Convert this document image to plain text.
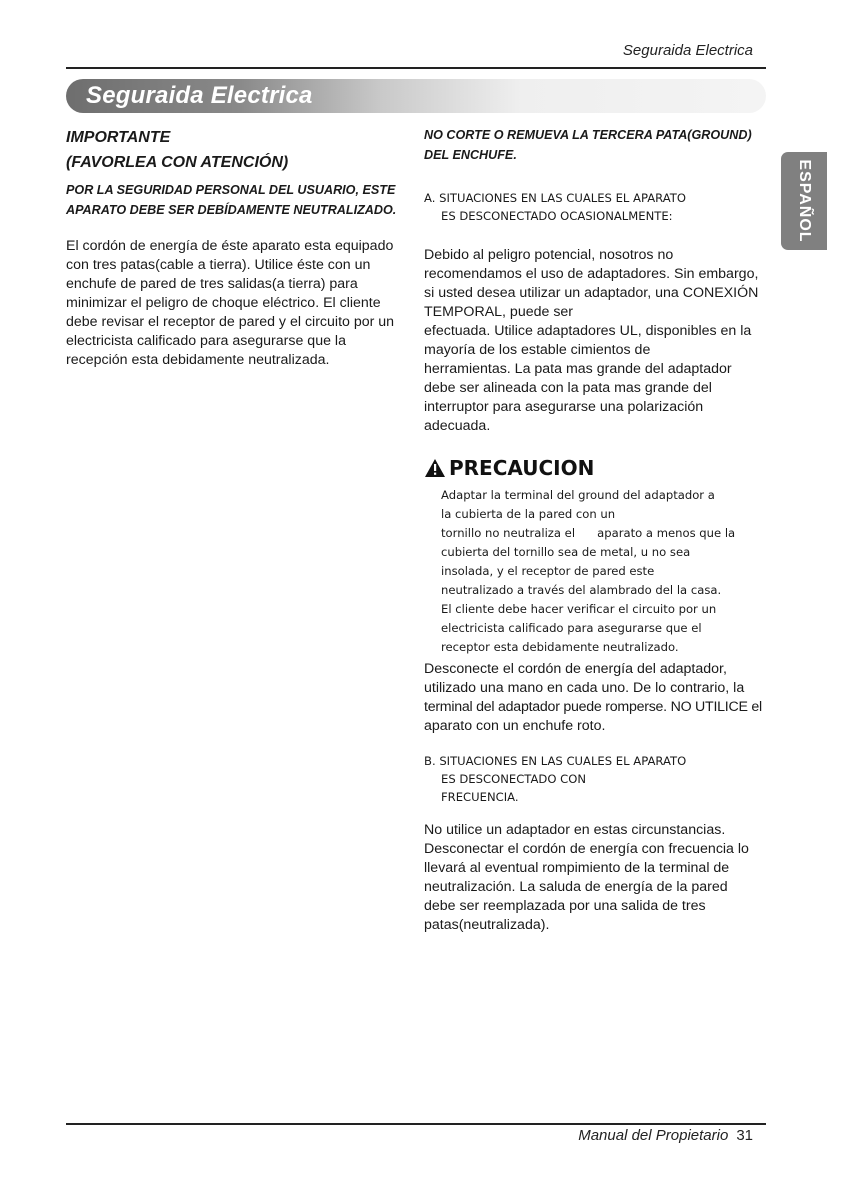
Seguraida Electrica
Seguraida Electrica
ESPAÑOL

IMPORTANTE

(FAVORLEA CON ATENCIÓN)

POR LA SEGURIDAD PERSONAL DEL USUARIO, ESTE

APARATO DEBE SER DEBÍDAMENTE NEUTRALIZADO.

El cordón de energía de éste aparato esta equipado

con tres patas(cable a tierra). Utilice éste con un

enchufe de pared de tres salidas(a tierra) para

minimizar el peligro de choque eléctrico. El cliente

debe revisar el receptor de pared y el circuito por un

electricista calificado para asegurarse que la

recepción esta debidamente neutralizada.

NO CORTE O REMUEVA LA TERCERA PATA(GROUND)

DEL ENCHUFE.

A. SITUACIONES EN LAS CUALES EL APARATO
ES DESCONECTADO OCASIONALMENTE:

Debido al peligro potencial, nosotros no

recomendamos el uso de adaptadores. Sin embargo,

si usted desea utilizar un adaptador, una CONEXIÓN

TEMPORAL, puede ser

efectuada. Utilice adaptadores UL, disponibles en la

mayoría de los estable cimientos de

herramientas. La pata mas grande del adaptador

debe ser alineada con la pata mas grande del

interruptor para asegurarse una polarización

adecuada.

PRECAUCION

Adaptar la terminal del ground del adaptador a

la cubierta de la pared con un

tornillo no neutraliza el      aparato a menos que la

cubierta del tornillo sea de metal, u no sea

insolada, y el receptor de pared este

neutralizado a través del alambrado del la casa.

El cliente debe hacer verificar el circuito por un

electricista calificado para asegurarse que el

receptor esta debidamente neutralizado.

Desconecte el cordón de energía del adaptador,

utilizado una mano en cada uno. De lo contrario, la

terminal del adaptador puede romperse. NO UTILICE el

aparato con un enchufe roto.

B. SITUACIONES EN LAS CUALES EL APARATO
ES DESCONECTADO CON
FRECUENCIA.

No utilice un adaptador en estas circunstancias.

Desconectar el cordón de energía con frecuencia lo

llevará al eventual rompimiento de la terminal de

neutralización. La saluda de energía de la pared

debe ser reemplazada por una salida de tres

patas(neutralizada).

Manual del Propietario 31
